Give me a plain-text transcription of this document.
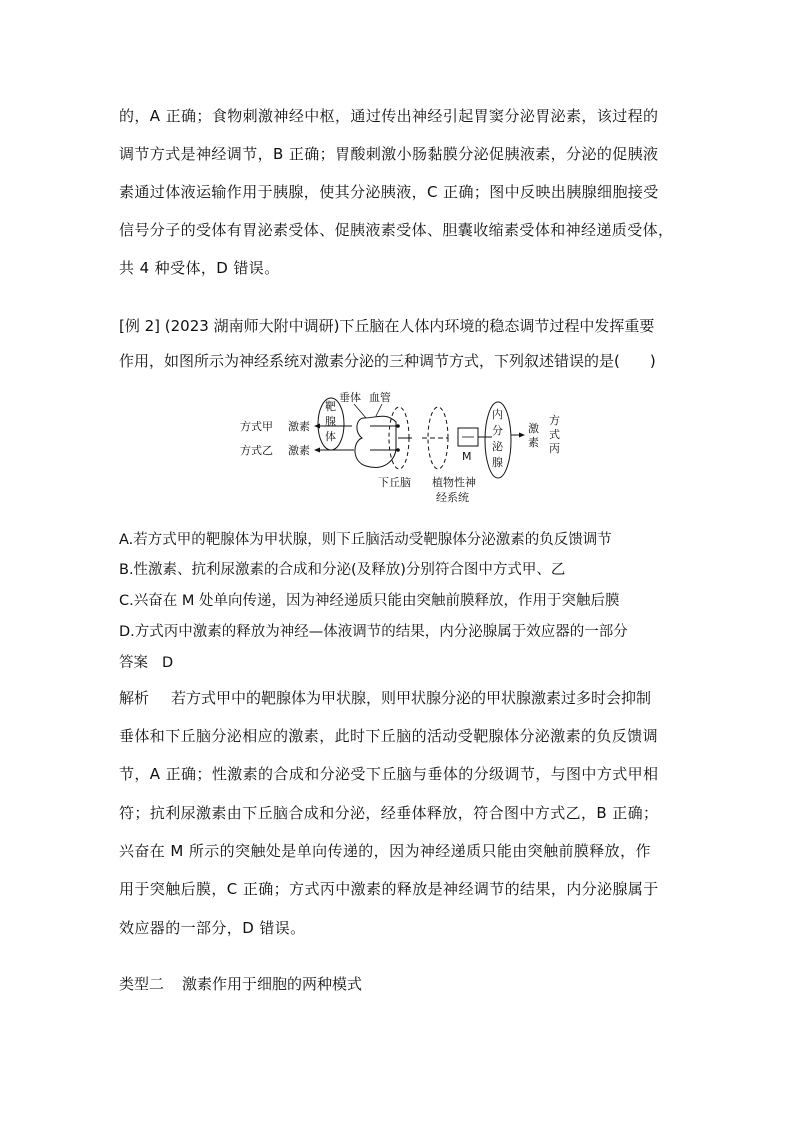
的，A 正确；食物刺激神经中枢，通过传出神经引起胃窦分泌胃泌素，该过程的
调节方式是神经调节，B 正确；胃酸刺激小肠黏膜分泌促胰液素，分泌的促胰液
素通过体液运输作用于胰腺，使其分泌胰液，C 正确；图中反映出胰腺细胞接受
信号分子的受体有胃泌素受体、促胰液素受体、胆囊收缩素受体和神经递质受体，
共 4 种受体，D 错误。
[例 2] (2023 湖南师大附中调研)下丘脑在人体内环境的稳态调节过程中发挥重要
作用，如图所示为神经系统对激素分泌的三种调节方式，下列叙述错误的是(　　)
方式甲 激素
方式乙 激素
靶
腺
体
垂体 血管
下丘脑 植物性神
经系统
M
内
分
泌
腺
激
素
方
式
丙
A.若方式甲的靶腺体为甲状腺，则下丘脑活动受靶腺体分泌激素的负反馈调节
B.性激素、抗利尿激素的合成和分泌(及释放)分别符合图中方式甲、乙
C.兴奋在 M 处单向传递，因为神经递质只能由突触前膜释放，作用于突触后膜
D.方式丙中激素的释放为神经—体液调节的结果，内分泌腺属于效应器的一部分
答案 D
解析 若方式甲中的靶腺体为甲状腺，则甲状腺分泌的甲状腺激素过多时会抑制
垂体和下丘脑分泌相应的激素，此时下丘脑的活动受靶腺体分泌激素的负反馈调
节，A 正确；性激素的合成和分泌受下丘脑与垂体的分级调节，与图中方式甲相
符；抗利尿激素由下丘脑合成和分泌，经垂体释放，符合图中方式乙，B 正确；
兴奋在 M 所示的突触处是单向传递的，因为神经递质只能由突触前膜释放，作
用于突触后膜，C 正确；方式丙中激素的释放是神经调节的结果，内分泌腺属于
效应器的一部分，D 错误。
类型二 激素作用于细胞的两种模式
